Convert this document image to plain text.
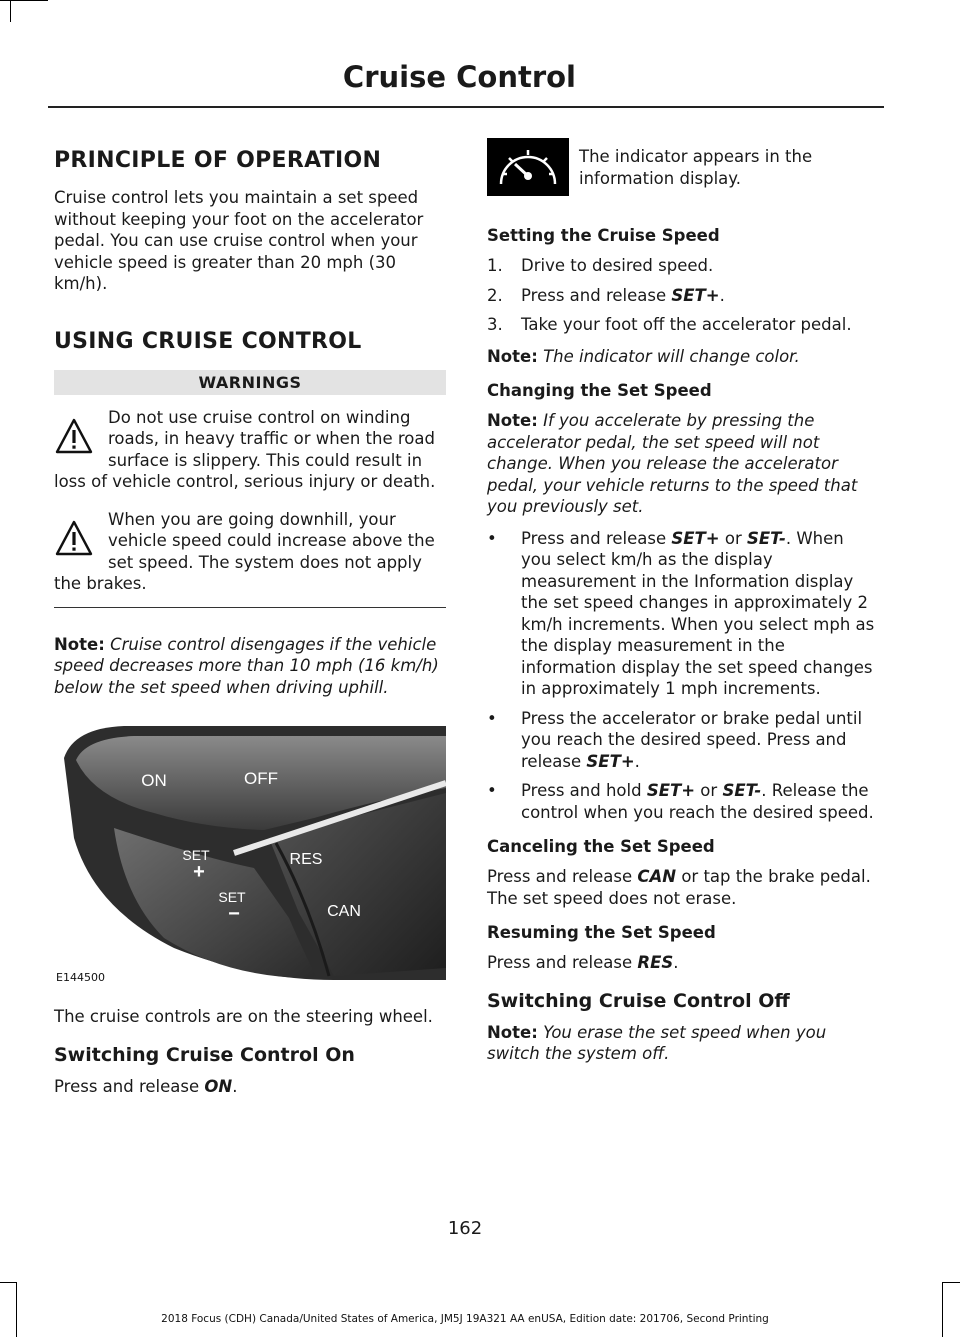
Cruise Control
PRINCIPLE OF OPERATION

Cruise control lets you maintain a set speed without keeping your foot on the accelerator pedal. You can use cruise control when your vehicle speed is greater than 20 mph (30 km/h).

USING CRUISE CONTROL
WARNINGS
Do not use cruise control on winding roads, in heavy traffic or when the road surface is slippery. This could result in loss of vehicle control, serious injury or death.
When you are going downhill, your vehicle speed could increase above the set speed. The system does not apply the brakes.

Note: Cruise control disengages if the vehicle speed decreases more than 10 mph (16 km/h) below the set speed when driving uphill.

ON	OFF
SET
+
SET
−
RES
CAN
E144500

The cruise controls are on the steering wheel.

Switching Cruise Control On

Press and release ON.

The indicator appears in the information display.

Setting the Cruise Speed
1. Drive to desired speed.
2. Press and release SET+.
3. Take your foot off the accelerator pedal.

Note: The indicator will change color.

Changing the Set Speed

Note: If you accelerate by pressing the accelerator pedal, the set speed will not change. When you release the accelerator pedal, your vehicle returns to the speed that you previously set.

• Press and release SET+ or SET-. When you select km/h as the display measurement in the Information display the set speed changes in approximately 2 km/h increments. When you select mph as the display measurement in the information display the set speed changes in approximately 1 mph increments.
• Press the accelerator or brake pedal until you reach the desired speed. Press and release SET+.
• Press and hold SET+ or SET-. Release the control when you reach the desired speed.
Canceling the Set Speed

Press and release CAN or tap the brake pedal. The set speed does not erase.

Resuming the Set Speed

Press and release RES.

Switching Cruise Control Off

Note: You erase the set speed when you switch the system off.

162
2018 Focus (CDH) Canada/United States of America, JM5J 19A321 AA enUSA, Edition date: 201706, Second Printing
